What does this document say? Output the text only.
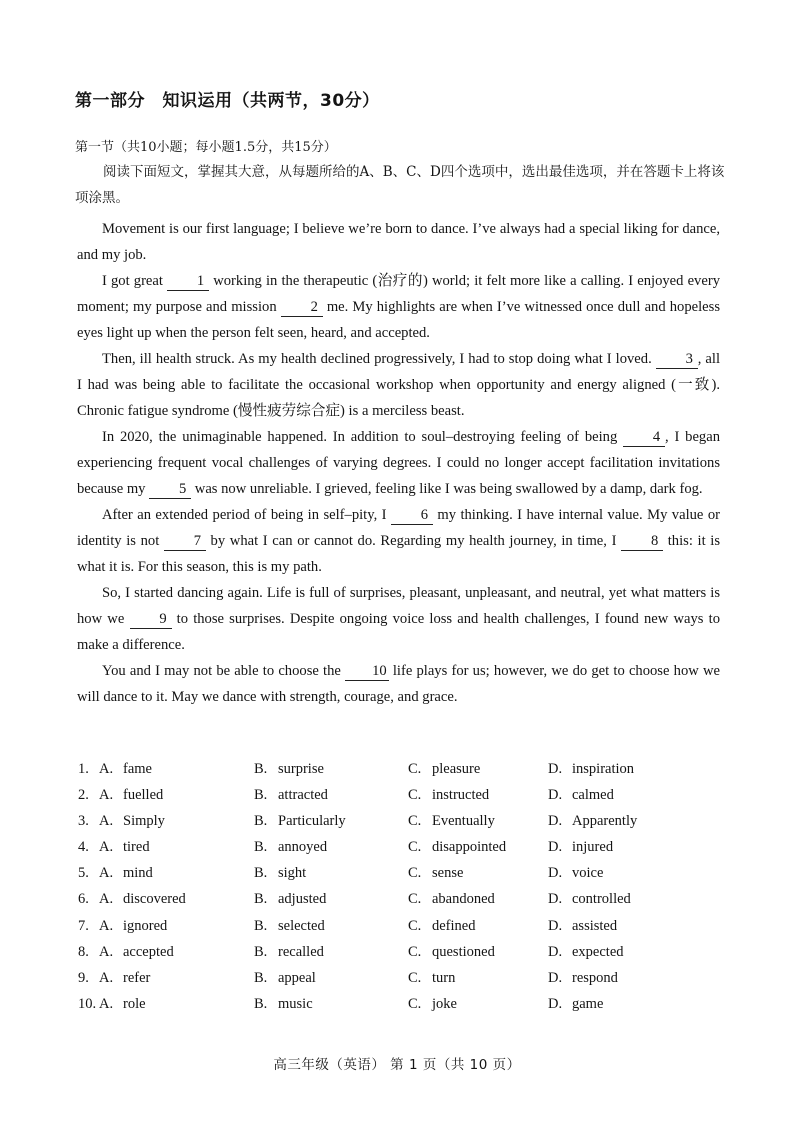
第一部分　知识运用（共两节，30分）
第一节（共10小题；每小题1.5分，共15分）
阅读下面短文，掌握其大意，从每题所给的A、B、C、D四个选项中，选出最佳选项，并在答题卡上将该项涂黑。

Movement is our first language; I believe we’re born to dance. I’ve always had a special liking for dance, and my job.

I got great 1 working in the therapeutic (治疗的) world; it felt more like a calling. I enjoyed every moment; my purpose and mission 2 me. My highlights are when I’ve witnessed once dull and hopeless eyes light up when the person felt seen, heard, and accepted.

Then, ill health struck. As my health declined progressively, I had to stop doing what I loved. 3 , all I had was being able to facilitate the occasional workshop when opportunity and energy aligned (一致). Chronic fatigue syndrome (慢性疲劳综合症) is a merciless beast.

In 2020, the unimaginable happened. In addition to soul–destroying feeling of being 4 , I began experiencing frequent vocal challenges of varying degrees. I could no longer accept facilitation invitations because my 5 was now unreliable. I grieved, feeling like I was being swallowed by a damp, dark fog.

After an extended period of being in self–pity, I 6 my thinking. I have internal value. My value or identity is not 7 by what I can or cannot do. Regarding my health journey, in time, I 8 this: it is what it is. For this season, this is my path.

So, I started dancing again. Life is full of surprises, pleasant, unpleasant, and neutral, yet what matters is how we 9 to those surprises. Despite ongoing voice loss and health challenges, I found new ways to make a difference.

You and I may not be able to choose the 10 life plays for us; however, we do get to choose how we will dance to it. May we dance with strength, courage, and grace.

1. A. fame	B. surprise	C. pleasure	D. inspiration
2. A. fuelled	B. attracted	C. instructed	D. calmed
3. A. Simply	B. Particularly	C. Eventually	D. Apparently
4. A. tired	B. annoyed	C. disappointed	D. injured
5. A. mind	B. sight	C. sense	D. voice
6. A. discovered	B. adjusted	C. abandoned	D. controlled
7. A. ignored	B. selected	C. defined	D. assisted
8. A. accepted	B. recalled	C. questioned	D. expected
9. A. refer	B. appeal	C. turn	D. respond
10. A. role	B. music	C. joke	D. game
高三年级（英语） 第 1 页（共 10 页）
